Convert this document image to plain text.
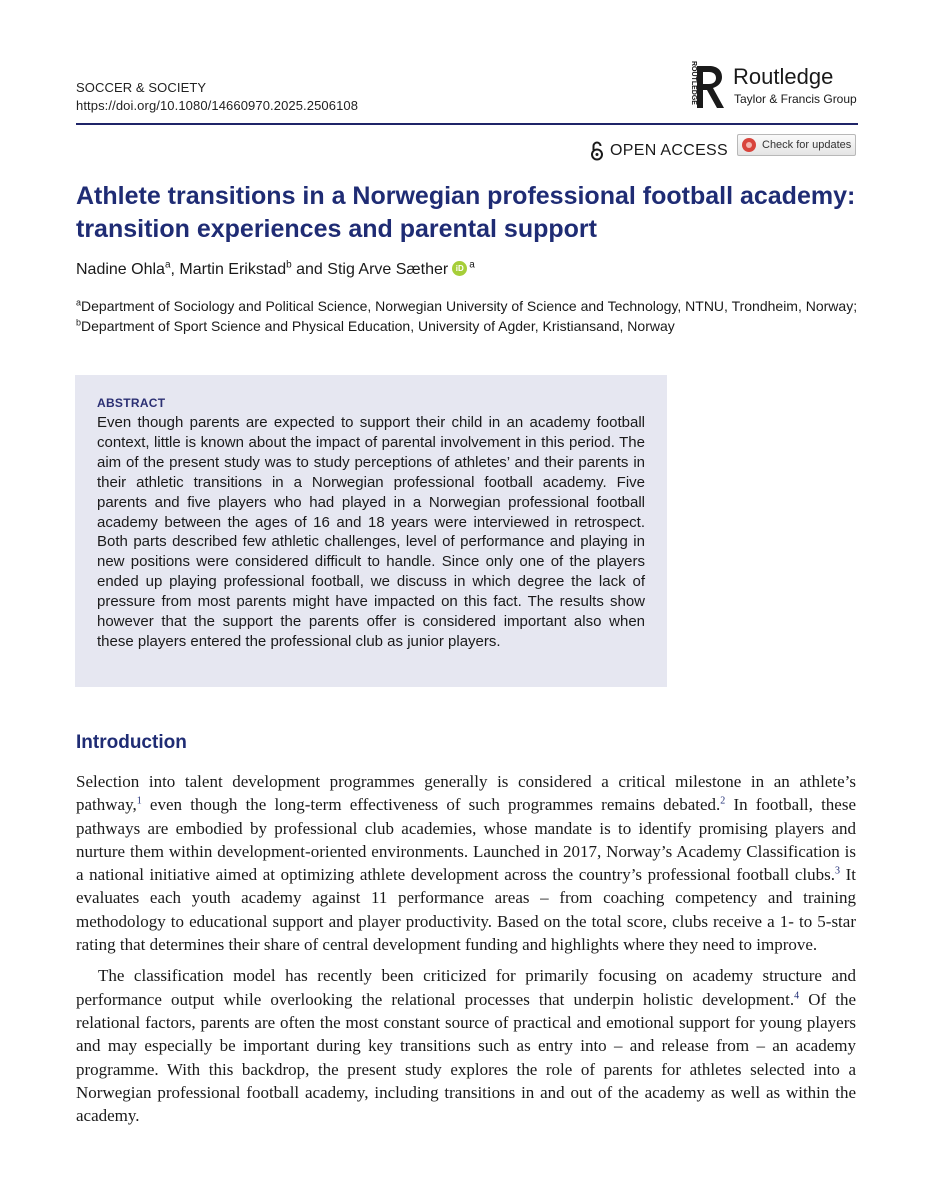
SOCCER & SOCIETY
https://doi.org/10.1080/14660970.2025.2506108
ROUTLEDGE Routledge
Taylor & Francis Group
OPEN ACCESS	Check for updates
Athlete transitions in a Norwegian professional football academy: transition experiences and parental support
Nadine Ohla$^a$, Martin Erikstad$^b$ and Stig Arve Sæther iD $^a$
$^a$Department of Sociology and Political Science, Norwegian University of Science and Technology, NTNU, Trondheim, Norway; $^b$Department of Sport Science and Physical Education, University of Agder, Kristiansand, Norway
ABSTRACT

Even though parents are expected to support their child in an academy football context, little is known about the impact of parental involvement in this period. The aim of the present study was to study perceptions of athletes’ and their parents in their athletic transitions in a Norwegian professional football academy. Five parents and five players who had played in a Norwegian professional football academy between the ages of 16 and 18 years were interviewed in retrospect. Both parts described few athletic challenges, level of performance and playing in new positions were considered difficult to handle. Since only one of the players ended up playing professional football, we discuss in which degree the lack of pressure from most parents might have impacted on this fact. The results show however that the support the parents offer is considered important also when these players entered the professional club as junior players.

Introduction

Selection into talent development programmes generally is considered a critical milestone in an athlete’s pathway,$^1$ even though the long-term effectiveness of such programmes remains debated.$^2$ In football, these pathways are embodied by professional club academies, whose mandate is to identify promising players and nurture them within development-oriented environments. Launched in 2017, Norway’s Academy Classification is a national initiative aimed at optimizing athlete development across the country’s professional football clubs.$^3$ It evaluates each youth academy against 11 performance areas – from coaching competency and training methodology to educational support and player productivity. Based on the total score, clubs receive a 1- to 5-star rating that determines their share of central development funding and highlights where they need to improve.

The classification model has recently been criticized for primarily focusing on academy structure and performance output while overlooking the relational processes that underpin holistic development.$^4$ Of the relational factors, parents are often the most constant source of practical and emotional support for young players and may especially be important during key transitions such as entry into – and release from – an academy programme. With this backdrop, the present study explores the role of parents for athletes selected into a Norwegian professional football academy, including transitions in and out of the academy as well as within the academy.
